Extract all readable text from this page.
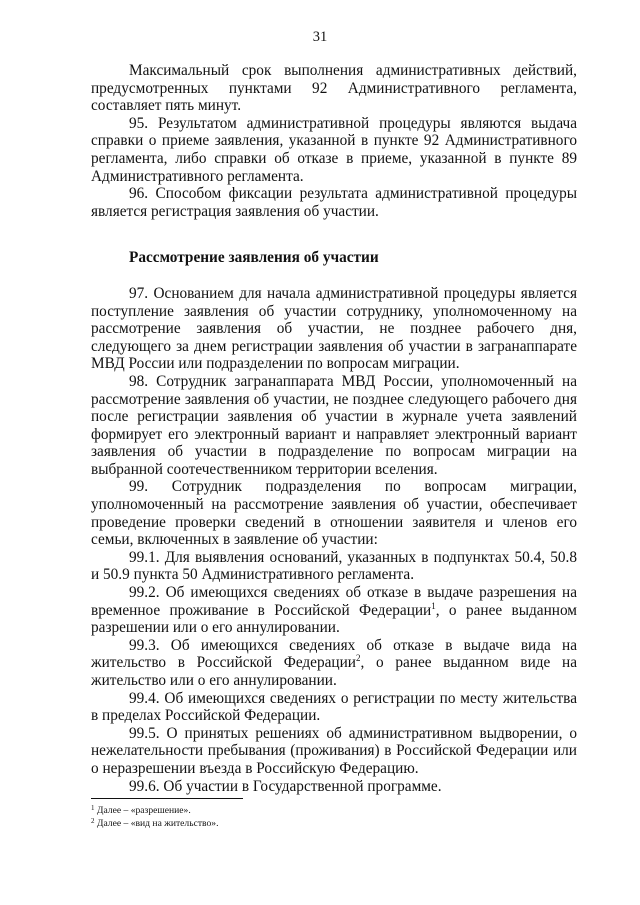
31

Максимальный срок выполнения административных действий, предусмотренных пунктами 92 Административного регламента, составляет пять минут.

95. Результатом административной процедуры являются выдача справки о приеме заявления, указанной в пункте 92 Административного регламента, либо справки об отказе в приеме, указанной в пункте 89 Административного регламента.

96. Способом фиксации результата административной процедуры является регистрация заявления об участии.

Рассмотрение заявления об участии

97. Основанием для начала административной процедуры является поступление заявления об участии сотруднику, уполномоченному на рассмотрение заявления об участии, не позднее рабочего дня, следующего за днем регистрации заявления об участии в загранаппарате МВД России или подразделении по вопросам миграции.

98. Сотрудник загранаппарата МВД России, уполномоченный на рассмотрение заявления об участии, не позднее следующего рабочего дня после регистрации заявления об участии в журнале учета заявлений формирует его электронный вариант и направляет электронный вариант заявления об участии в подразделение по вопросам миграции на выбранной соотечественником территории вселения.

99. Сотрудник подразделения по вопросам миграции, уполномоченный на рассмотрение заявления об участии, обеспечивает проведение проверки сведений в отношении заявителя и членов его семьи, включенных в заявление об участии:

99.1. Для выявления оснований, указанных в подпунктах 50.4, 50.8 и 50.9 пункта 50 Административного регламента.

99.2. Об имеющихся сведениях об отказе в выдаче разрешения на временное проживание в Российской Федерации$^1$, о ранее выданном разрешении или о его аннулировании.

99.3. Об имеющихся сведениях об отказе в выдаче вида на жительство в Российской Федерации$^2$, о ранее выданном виде на жительство или о его аннулировании.

99.4. Об имеющихся сведениях о регистрации по месту жительства в пределах Российской Федерации.

99.5. О принятых решениях об административном выдворении, о нежелательности пребывания (проживания) в Российской Федерации или о неразрешении въезда в Российскую Федерацию.

99.6. Об участии в Государственной программе.

$^1$ Далее – «разрешение».
$^2$ Далее – «вид на жительство».
